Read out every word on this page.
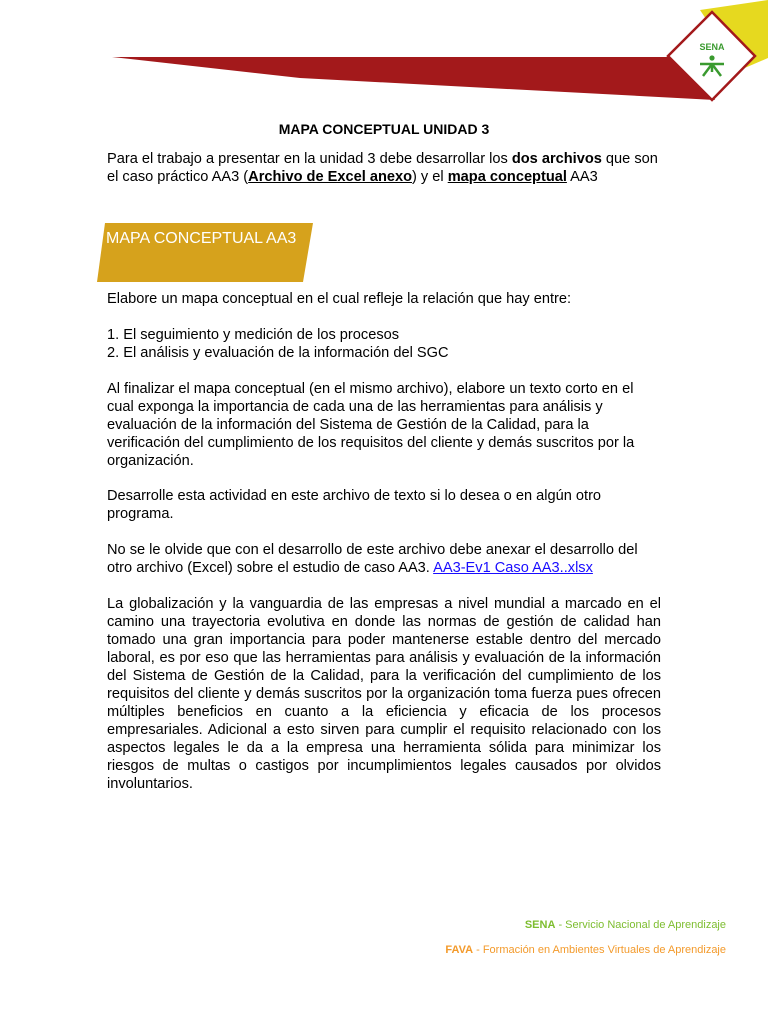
SENA
MAPA CONCEPTUAL UNIDAD 3

Para el trabajo a presentar en la unidad 3 debe desarrollar los dos archivos que son el caso práctico AA3 (Archivo de Excel anexo) y el mapa conceptual AA3

MAPA CONCEPTUAL AA3

Elabore un mapa conceptual en el cual refleje la relación que hay entre:

1. El seguimiento y medición de los procesos

2. El análisis y evaluación de la información del SGC

Al finalizar el mapa conceptual (en el mismo archivo), elabore un texto corto en el cual exponga la importancia de cada una de las herramientas para análisis y evaluación de la información del Sistema de Gestión de la Calidad, para la verificación del cumplimiento de los requisitos del cliente y demás suscritos por la organización.

Desarrolle esta actividad en este archivo de texto si lo desea o en algún otro programa.

No se le olvide que con el desarrollo de este archivo debe anexar el desarrollo del otro archivo (Excel) sobre el estudio de caso AA3. AA3-Ev1 Caso AA3..xlsx

La globalización y la vanguardia de las empresas a nivel mundial a marcado en el camino una trayectoria evolutiva en donde las normas de gestión de calidad han tomado una gran importancia para poder mantenerse estable dentro del mercado laboral, es por eso que las herramientas para análisis y evaluación de la información del Sistema de Gestión de la Calidad, para la verificación del cumplimiento de los requisitos del cliente y demás suscritos por la organización toma fuerza pues ofrecen múltiples beneficios en cuanto a la eficiencia y eficacia de los procesos empresariales. Adicional a esto sirven para cumplir el requisito relacionado con los aspectos legales le da a la empresa una herramienta sólida para minimizar los riesgos de multas o castigos por incumplimientos legales causados por olvidos involuntarios.

SENA - Servicio Nacional de Aprendizaje
FAVA - Formación en Ambientes Virtuales de Aprendizaje
